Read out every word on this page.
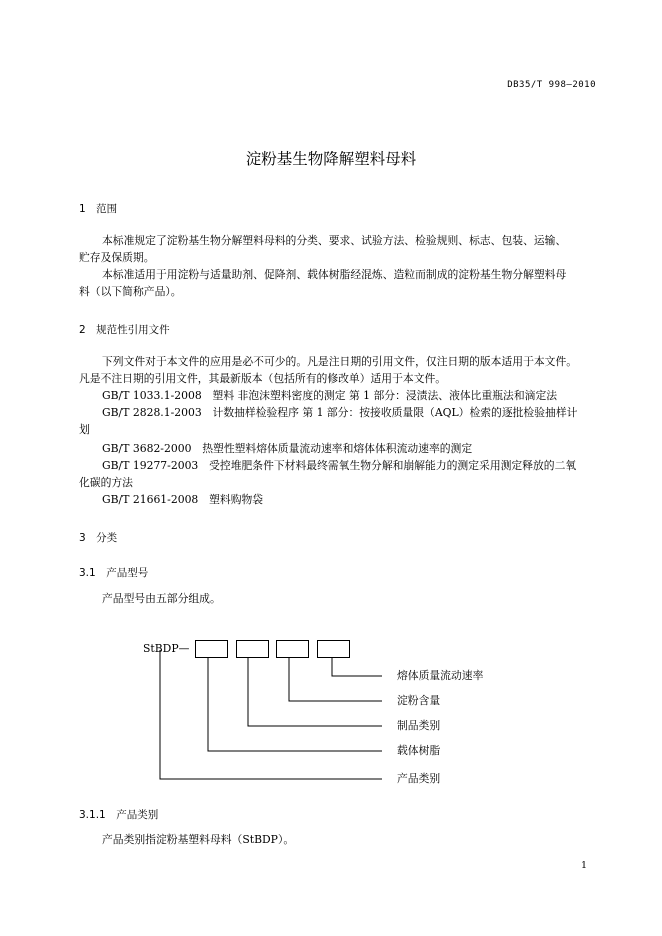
DB35/T 998—2010
淀粉基生物降解塑料母料
1　范围
本标准规定了淀粉基生物分解塑料母料的分类、要求、试验方法、检验规则、标志、包装、运输、
贮存及保质期。
本标准适用于用淀粉与适量助剂、促降剂、载体树脂经混炼、造粒而制成的淀粉基生物分解塑料母
料（以下简称产品）。
2　规范性引用文件
下列文件对于本文件的应用是必不可少的。凡是注日期的引用文件，仅注日期的版本适用于本文件。
凡是不注日期的引用文件，其最新版本（包括所有的修改单）适用于本文件。
GB/T 1033.1-2008　塑料 非泡沫塑料密度的测定 第 1 部分：浸渍法、液体比重瓶法和滴定法
GB/T 2828.1-2003　计数抽样检验程序 第 1 部分：按接收质量限（AQL）检索的逐批检验抽样计
划
GB/T 3682-2000　热塑性塑料熔体质量流动速率和熔体体积流动速率的测定
GB/T 19277-2003　受控堆肥条件下材料最终需氧生物分解和崩解能力的测定采用测定释放的二氧
化碳的方法
GB/T 21661-2008　塑料购物袋
3　分类
3.1　产品型号
产品型号由五部分组成。
StBDP—
熔体质量流动速率
淀粉含量
制品类别
载体树脂
产品类别
3.1.1　产品类别
产品类别指淀粉基塑料母料（StBDP）。
1
